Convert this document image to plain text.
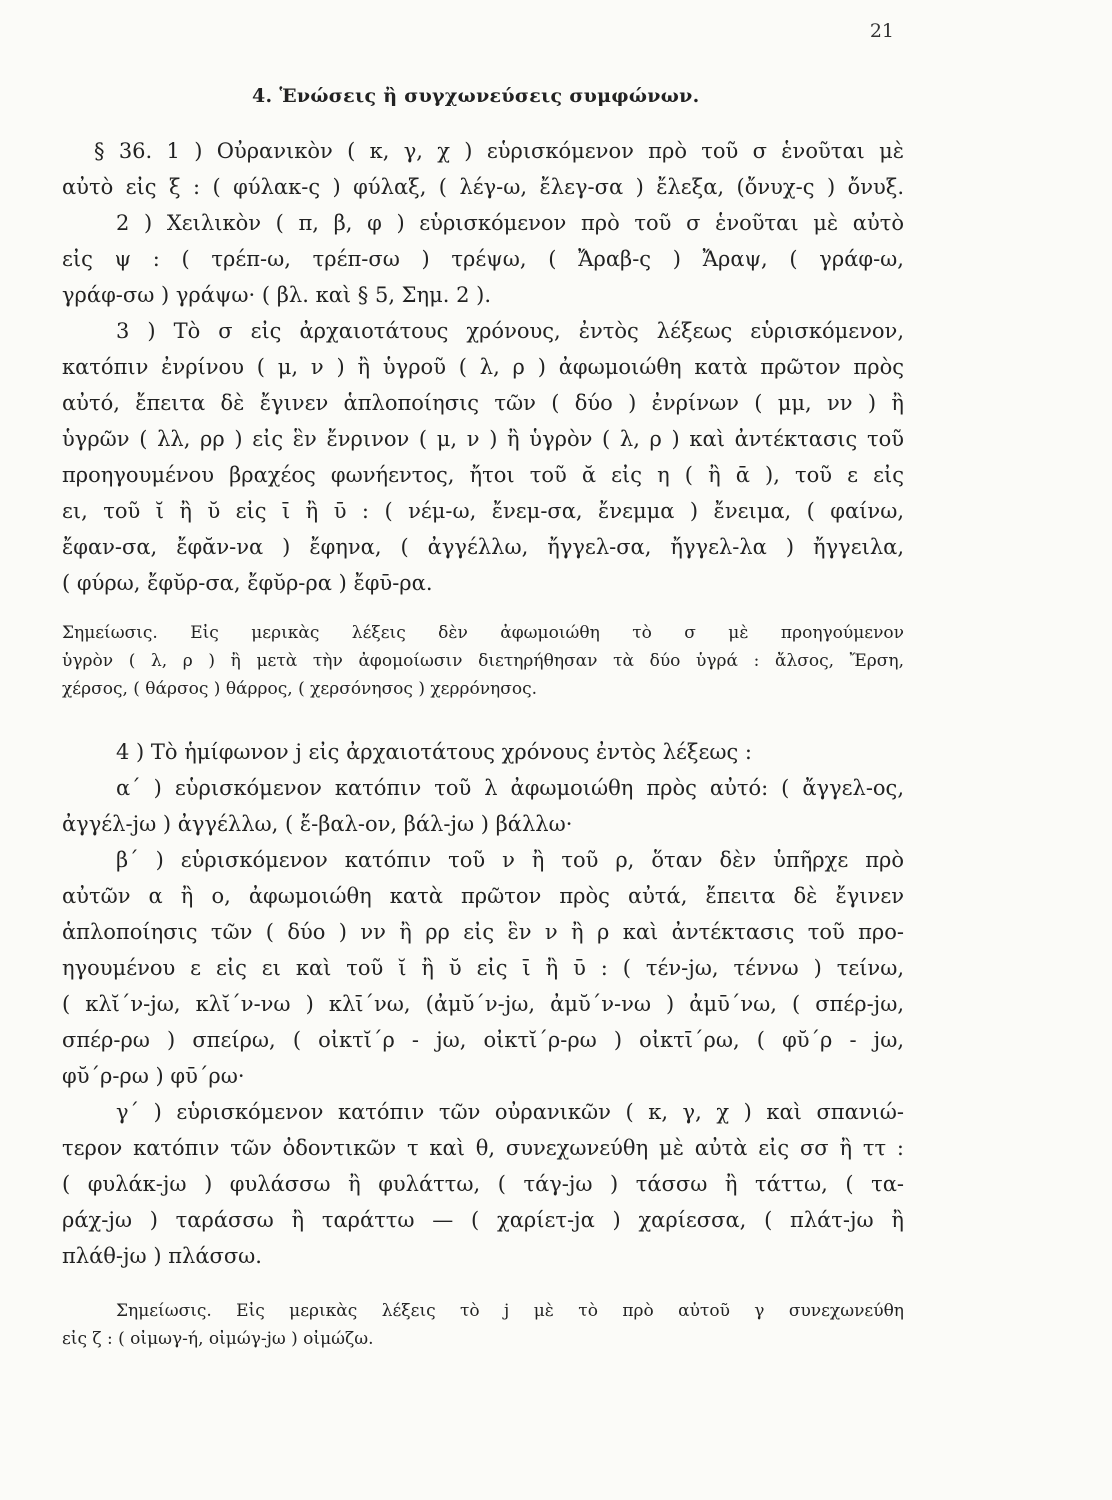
21
4. Ἑνώσεις ἢ συγχωνεύσεις συμφώνων.
§ 36. 1 ) Οὐρανικὸν ( κ, γ, χ ) εὑρισκόμενον πρὸ τοῦ σ ἑνοῦται μὲ
αὐτὸ εἰς ξ : ( φύλακ-ς ) φύλαξ, ( λέγ-ω, ἔλεγ-σα ) ἔλεξα, (ὄνυχ-ς ) ὄνυξ.
2 ) Χειλικὸν ( π, β, φ ) εὑρισκόμενον πρὸ τοῦ σ ἑνοῦται μὲ αὐτὸ
εἰς ψ : ( τρέπ-ω, τρέπ-σω ) τρέψω, ( Ἄραβ-ς ) Ἄραψ, ( γράφ-ω,
γράφ-σω ) γράψω· ( βλ. καὶ § 5, Σημ. 2 ).
3 ) Τὸ σ εἰς ἀρχαιοτάτους χρόνους, ἐντὸς λέξεως εὑρισκόμενον,
κατόπιν ἐνρίνου ( μ, ν ) ἢ ὑγροῦ ( λ, ρ ) ἀφωμοιώθη κατὰ πρῶτον πρὸς
αὐτό, ἔπειτα δὲ ἔγινεν ἁπλοποίησις τῶν ( δύο ) ἐνρίνων ( μμ, νν ) ἢ
ὑγρῶν ( λλ, ρρ ) εἰς ἓν ἔνρινον ( μ, ν ) ἢ ὑγρὸν ( λ, ρ ) καὶ ἀντέκτασις τοῦ
προηγουμένου βραχέος φωνήεντος, ἤτοι τοῦ ᾰ εἰς η ( ἢ ᾱ ), τοῦ ε εἰς
ει, τοῦ ῐ ἢ ῠ εἰς ῑ ἢ ῡ : ( νέμ-ω, ἔνεμ-σα, ἔνεμμα ) ἔνειμα, ( φαίνω,
ἔφαν-σα, ἔφᾰν-να ) ἔφηνα, ( ἀγγέλλω, ἤγγελ-σα, ἤγγελ-λα ) ἤγγειλα,
( φύρω, ἔφῠρ-σα, ἔφῠρ-ρα ) ἔφῡ-ρα.
Σημείωσις. Εἰς μερικὰς λέξεις δὲν ἀφωμοιώθη τὸ σ μὲ προηγούμενον
ὑγρὸν ( λ, ρ ) ἢ μετὰ τὴν ἀφομοίωσιν διετηρήθησαν τὰ δύο ὑγρά : ἄλσος, Ἔρση,
χέρσος, ( θάρσος ) θάρρος, ( χερσόνησος ) χερρόνησος.
4 ) Τὸ ἡμίφωνον j εἰς ἀρχαιοτάτους χρόνους ἐντὸς λέξεως :
α΄ ) εὑρισκόμενον κατόπιν τοῦ λ ἀφωμοιώθη πρὸς αὐτό: ( ἄγγελ-ος,
ἀγγέλ-jω ) ἀγγέλλω, ( ἔ-βαλ-ον, βάλ-jω ) βάλλω·
β΄ ) εὑρισκόμενον κατόπιν τοῦ ν ἢ τοῦ ρ, ὅταν δὲν ὑπῆρχε πρὸ
αὐτῶν α ἢ ο, ἀφωμοιώθη κατὰ πρῶτον πρὸς αὐτά, ἔπειτα δὲ ἔγινεν
ἁπλοποίησις τῶν ( δύο ) νν ἢ ρρ εἰς ἓν ν ἢ ρ καὶ ἀντέκτασις τοῦ προ-
ηγουμένου ε εἰς ει καὶ τοῦ ῐ ἢ ῠ εἰς ῑ ἢ ῡ : ( τέν-jω, τέννω ) τείνω,
( κλῐ΄ν-jω, κλῐ΄ν-νω ) κλῑ΄νω, (ἀμῠ΄ν-jω, ἀμῠ΄ν-νω ) ἀμῡ΄νω, ( σπέρ-jω,
σπέρ-ρω ) σπείρω, ( οἰκτῐ΄ρ - jω, οἰκτῐ΄ρ-ρω ) οἰκτῑ΄ρω, ( φῠ΄ρ - jω,
φῠ΄ρ-ρω ) φῡ΄ρω·
γ΄ ) εὑρισκόμενον κατόπιν τῶν οὐρανικῶν ( κ, γ, χ ) καὶ σπανιώ-
τερον κατόπιν τῶν ὀδοντικῶν τ καὶ θ, συνεχωνεύθη μὲ αὐτὰ εἰς σσ ἢ ττ :
( φυλάκ-jω ) φυλάσσω ἢ φυλάττω, ( τάγ-jω ) τάσσω ἢ τάττω, ( τα-
ράχ-jω ) ταράσσω ἢ ταράττω — ( χαρίετ-jα ) χαρίεσσα, ( πλάτ-jω ἢ
πλάθ-jω ) πλάσσω.
Σημείωσις. Εἰς μερικὰς λέξεις τὸ j μὲ τὸ πρὸ αὐτοῦ γ συνεχωνεύθη
εἰς ζ : ( οἰμωγ-ή, οἰμώγ-jω ) οἰμώζω.
